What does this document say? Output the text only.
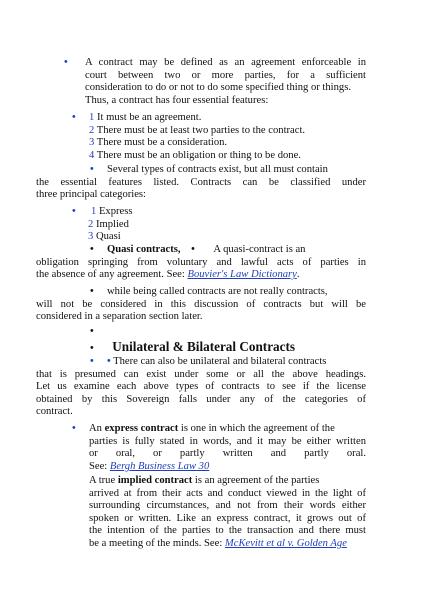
• A contract may be defined as an agreement enforceable in
court between two or more parties, for a sufficient
consideration to do or not to do some specified thing or things.
Thus, a contract has four essential features:
• 1 It must be an agreement.
2 There must be at least two parties to the contract.
3 There must be a consideration.
4 There must be an obligation or thing to be done.
• Several types of contracts exist, but all must contain
the essential features listed. Contracts can be classified under
three principal categories:
• 1 Express
2 Implied
3 Quasi
• Quasi contracts, • A quasi-contract is an
obligation springing from voluntary and lawful acts of parties in
the absence of any agreement. See: Bouvier's Law Dictionary.
• while being called contracts are not really contracts,
will not be considered in this discussion of contracts but will be
considered in a separation section later.
•
• Unilateral & Bilateral Contracts
• • There can also be unilateral and bilateral contracts
that is presumed can exist under some or all the above headings.
Let us examine each above types of contracts to see if the license
obtained by this Sovereign falls under any of the categories of
contract.
• An express contract is one in which the agreement of the
parties is fully stated in words, and it may be either written
or oral, or partly written and partly oral.
See: Bergh Business Law 30
A true implied contract is an agreement of the parties
arrived at from their acts and conduct viewed in the light of
surrounding circumstances, and not from their words either
spoken or written. Like an express contract, it grows out of
the intention of the parties to the transaction and there must
be a meeting of the minds. See: McKevitt et al v. Golden Age
